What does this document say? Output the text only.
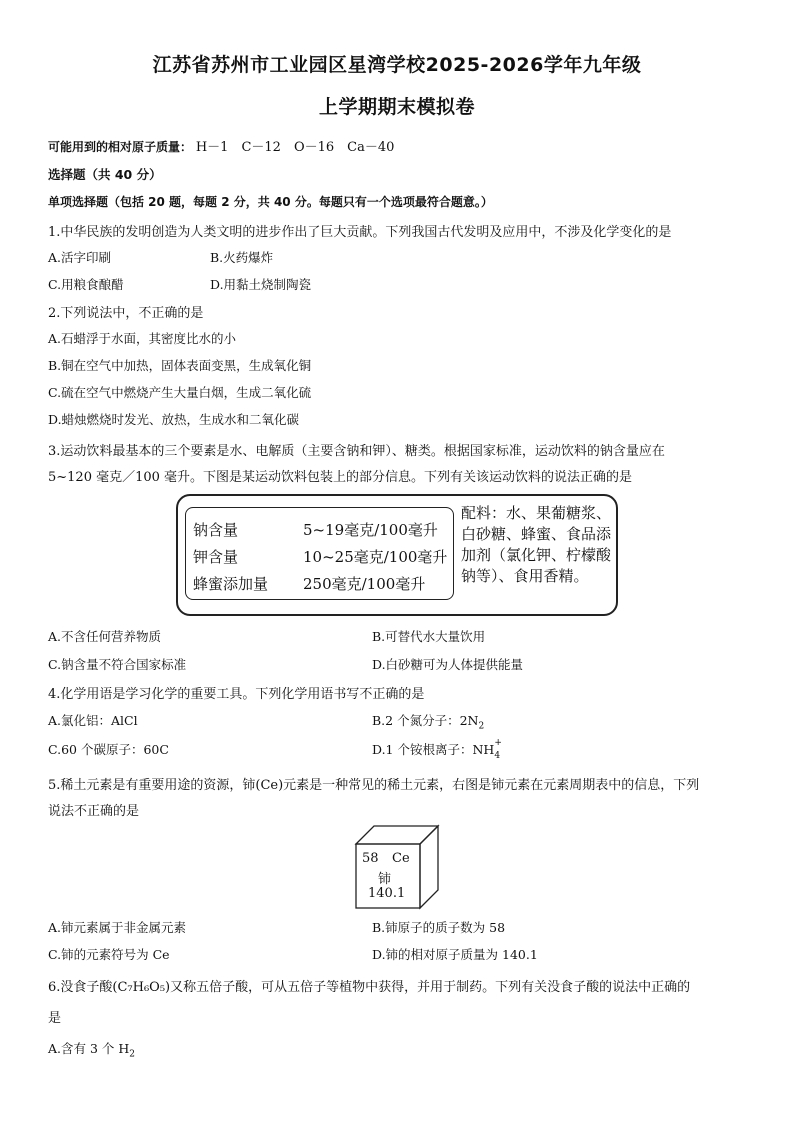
江苏省苏州市工业园区星湾学校2025-2026学年九年级
上学期期末模拟卷
可能用到的相对原子质量： H－1　C－12　O－16　Ca－40
选择题（共 40 分）
单项选择题（包括 20 题，每题 2 分，共 40 分。每题只有一个选项最符合题意。）
1.中华民族的发明创造为人类文明的进步作出了巨大贡献。下列我国古代发明及应用中，不涉及化学变化的是
A.活字印刷	B.火药爆炸
C.用粮食酿醋	D.用黏土烧制陶瓷
2.下列说法中，不正确的是
A.石蜡浮于水面，其密度比水的小
B.铜在空气中加热，固体表面变黑，生成氧化铜
C.硫在空气中燃烧产生大量白烟，生成二氧化硫
D.蜡烛燃烧时发光、放热，生成水和二氧化碳
3.运动饮料最基本的三个要素是水、电解质（主要含钠和钾）、糖类。根据国家标准，运动饮料的钠含量应在
5~120 毫克／100 毫升。下图是某运动饮料包装上的部分信息。下列有关该运动饮料的说法正确的是
钠含量	5~19毫克/100毫升
钾含量	10~25毫克/100毫升
蜂蜜添加量 250毫克/100毫升
配料：水、果葡糖浆、白砂糖、蜂蜜、食品添加剂（氯化钾、柠檬酸钠等）、食用香精。
A.不含任何营养物质	B.可替代水大量饮用
C.钠含量不符合国家标准	D.白砂糖可为人体提供能量
4.化学用语是学习化学的重要工具。下列化学用语书写不正确的是
A.氯化铝：AlCl	B.2 个氮分子：$2N_2$
C.60 个碳原子：60C	D.1 个铵根离子：NH +
4
5.稀土元素是有重要用途的资源，铈(Ce)元素是一种常见的稀土元素，右图是铈元素在元素周期表中的信息，下列
说法不正确的是
58 Ce
铈
140.1
A.铈元素属于非金属元素	B.铈原子的质子数为 58
C.铈的元素符号为 Ce	D.铈的相对原子质量为 140.1
6.没食子酸(C₇H₆O₅)又称五倍子酸，可从五倍子等植物中获得，并用于制药。下列有关没食子酸的说法中正确的
是
A.含有 3 个 $H_2$
